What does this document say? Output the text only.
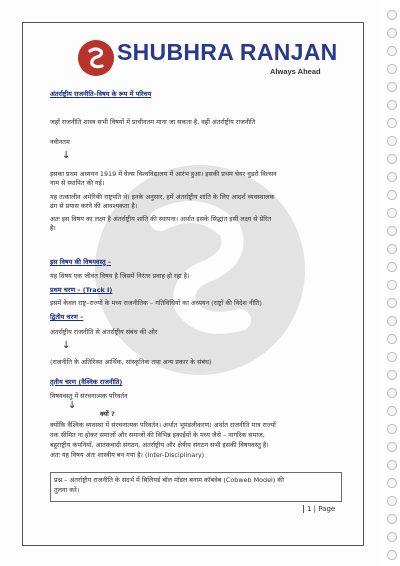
SHUBHRA RANJAN
Always Ahead
अंतर्राष्ट्रीय राजनीति–विषय के रूप में परिचय
जहाँ राजनीति शास्त्र सभी विषयों में प्राचीनतम माना जा सकता है, वहीं अंतर्राष्ट्रीय राजनीति
नवीनतम
↓
इसका प्रथम अध्ययन 1919 में वेल्स विश्वविद्यालय में आरंभ हुआ। इसकी प्रथम चेयर वुडरो विल्सन
नाम से स्थापित की गई।
यह तत्कालीन अमेरिकी राष्ट्रपति थे। इनके अनुसार, हमें अंतर्राष्ट्रीय शांति के लिए आदर्श व्यवस्थालक
ढंग से प्रयास करने की आवश्यकता है।
अतः इस विषय का लक्ष्य है अंतर्राष्ट्रीय शांति की स्थापना। अर्थात इसके सिद्धांत इसी लक्ष्य से प्रेरित
है।
इस विषय की विषयवस्तु –
यह विषय एक जीवंत विषय है जिसमें निरंतर प्रवाह हो रहा है।
प्रथम चरण – (Track I)
इसमें केवल राष्ट्र–राज्यों के मध्य राजनीतिक – गतिविधियों का अध्ययन (राष्ट्रों की विदेश नीति)
द्वितीय चरण –
अंतर्राष्ट्रीय राजनीति से अंतर्राष्ट्रीय संबंध की ओर
↓
(राजनीति के अतिरिक्त आर्थिक, सांस्कृतिक तथा अन्य प्रकार के संबंध)
तृतीय चरण (वैश्विक राजनीति)
विषयवस्तु में संरचनात्मक परिवर्तन
↓
क्यों ?
क्योंकि वैश्विक व्यवस्था में संरचनात्मक परिवर्तन। अर्थात भूमंडलीकरण। अर्थात राजनीति मात्र राज्यों
तक सीमित ना होकर समाजों और समाजों की विभिन्न इकाईयों के मध्य जैसे – नागरिक समाज,
बहुराष्ट्रीय कंपनियाँ, आतंकवादी संगठन, अंतर्राष्ट्रीय और क्षेत्रीय संगठन सभी इसकी विषयवस्तु है।
अतः यह विषय अंतः शास्त्रीय बन गया है। (Inter-Disciplinary)
प्रश्न – अंतर्राष्ट्रीय राजनीति के संदर्भ में बिलियर्ड बॉल मॉडल बनाम कॉबवेब (Cobweb Model) की
तुलना करें।
1 | Page
